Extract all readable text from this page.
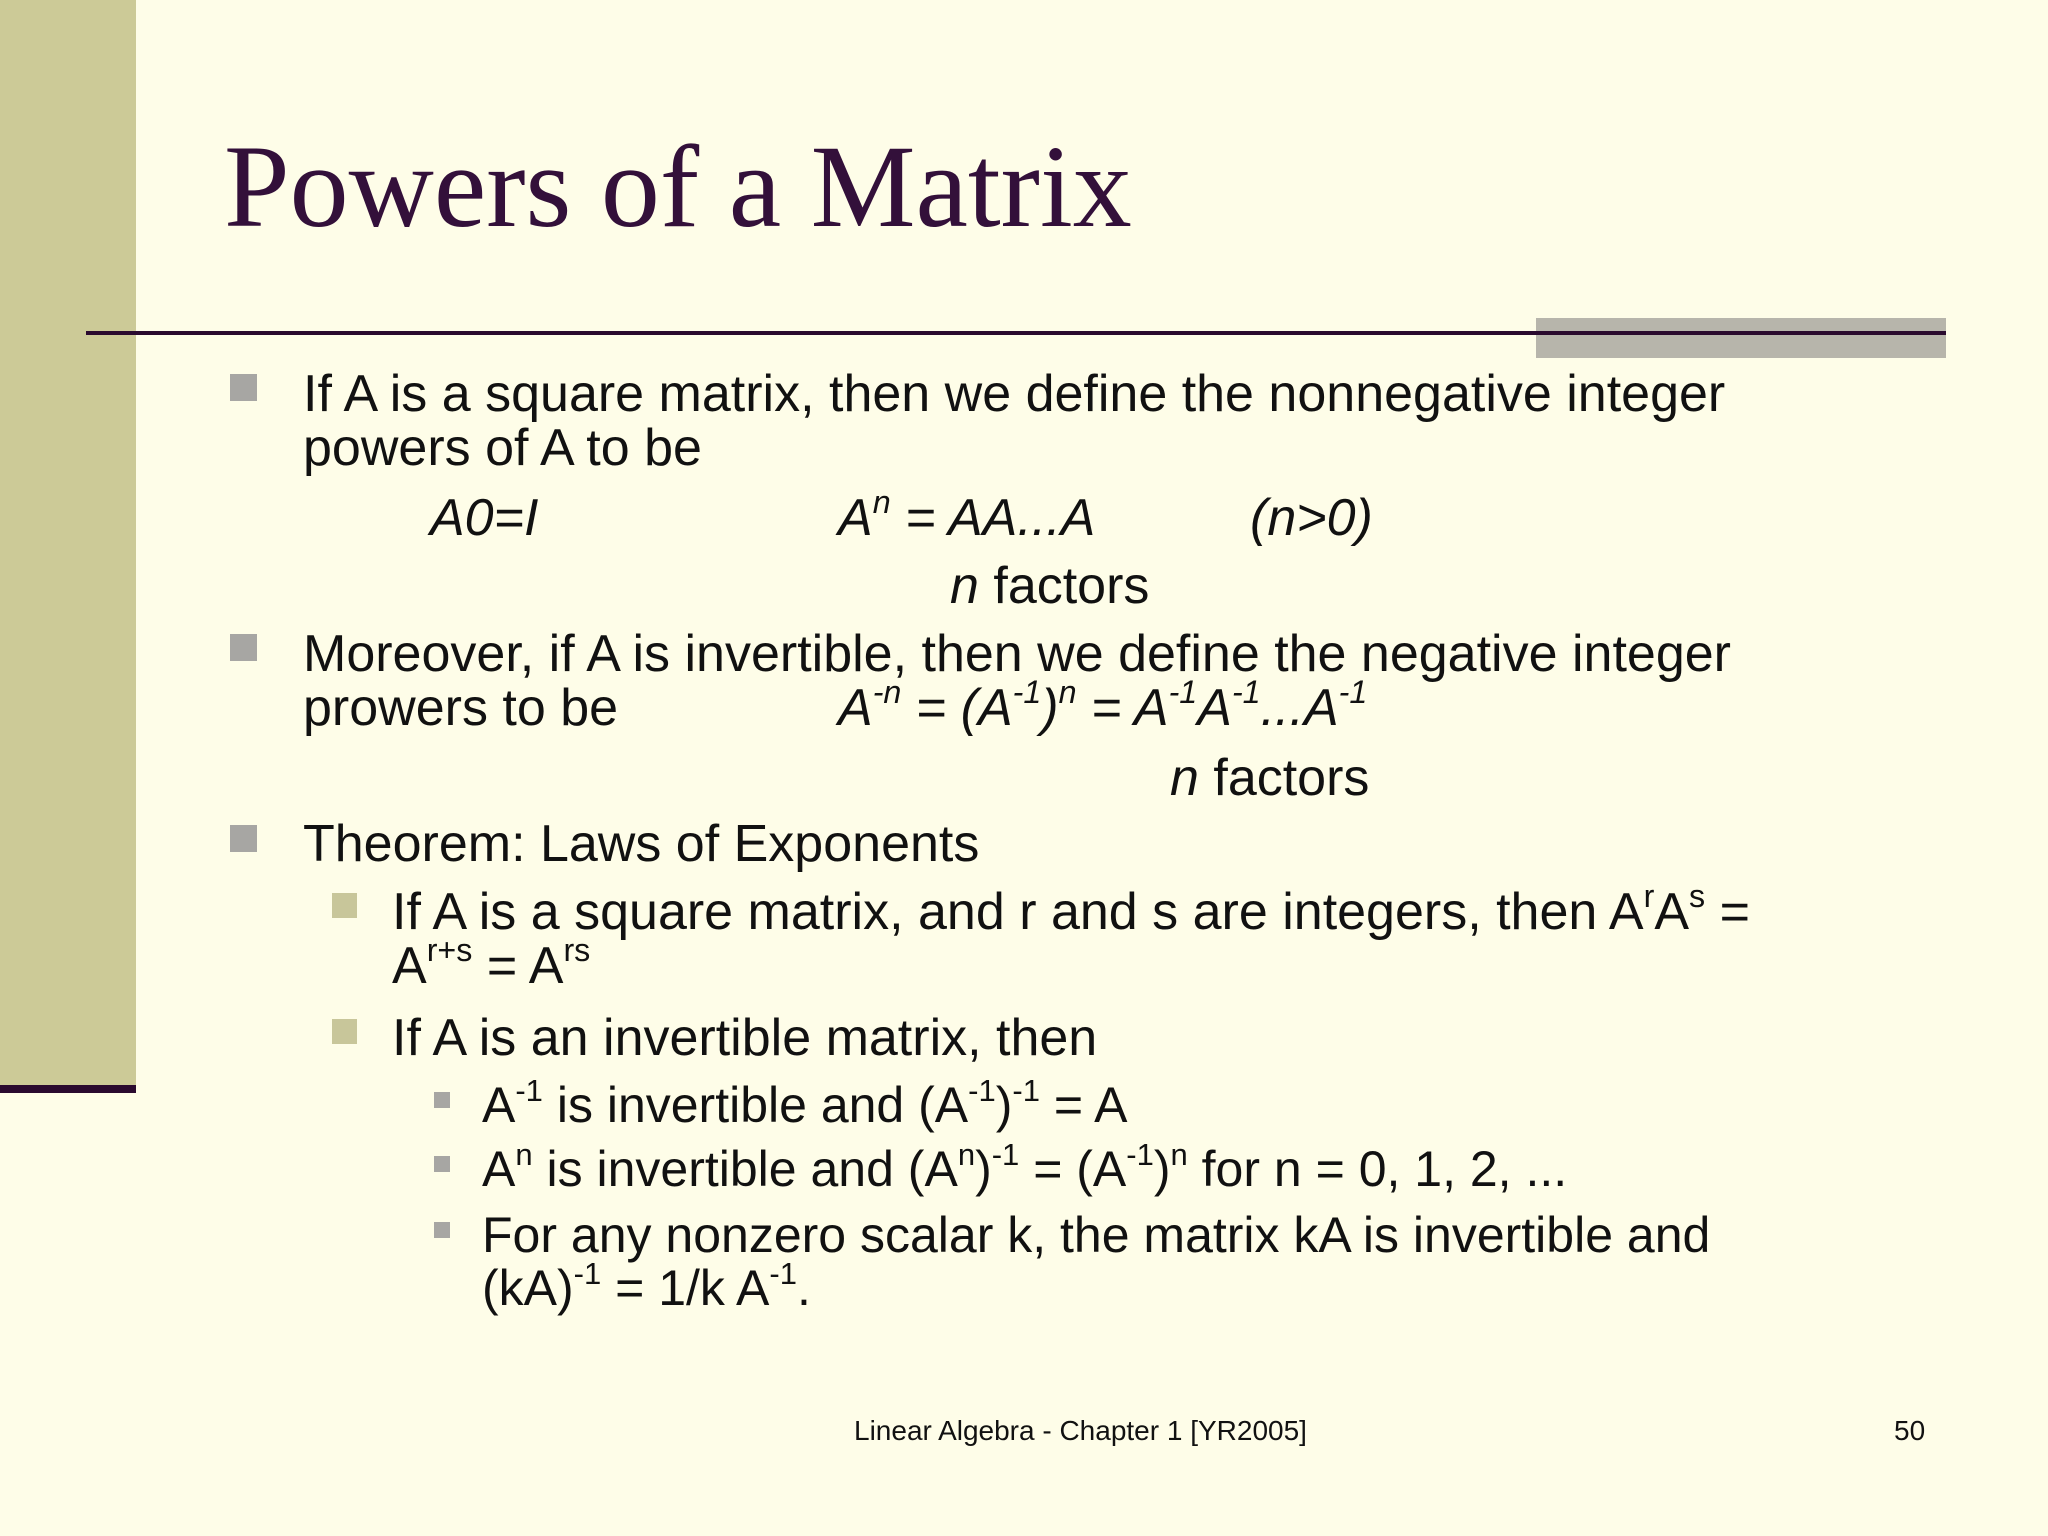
Powers of a Matrix
If A is a square matrix, then we define the nonnegative integer
powers of A to be
A0=I	$A^n = AA...A$	(n>0)
n factors
Moreover, if A is invertible, then we define the negative integer
prowers to be	$A^{-n} = (A^{-1})^n = A^{-1}A^{-1}...A^{-1}$
n factors
Theorem: Laws of Exponents
If A is a square matrix, and r and s are integers, then $A^rA^s$ =
$A^{r+s} = A^{rs}$
If A is an invertible matrix, then
$A^{-1}$ is invertible and $(A^{-1})^{-1} = A$
$A^n$ is invertible and $(A^n)^{-1} = (A^{-1})^n$ for n = 0, 1, 2, ...
For any nonzero scalar k, the matrix kA is invertible and
(kA)$^{-1}$ = 1/k $A^{-1}$.
Linear Algebra - Chapter 1 [YR2005]	50
